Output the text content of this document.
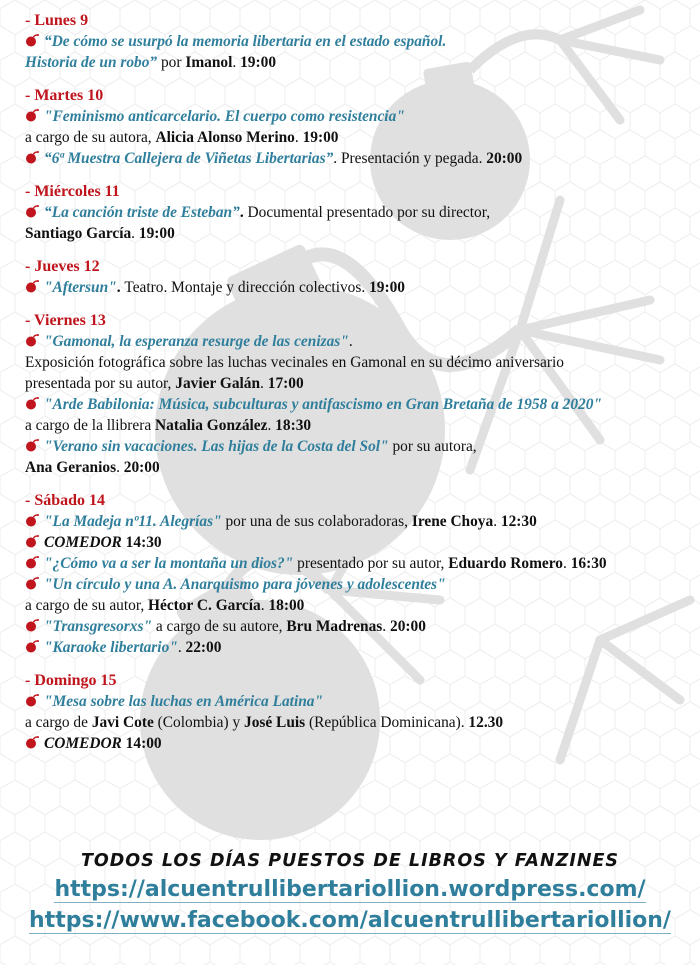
- Lunes 9
“De cómo se usurpó la memoria libertaria en el estado español.
Historia de un robo” por Imanol. 19:00
- Martes 10
"Feminismo anticarcelario. El cuerpo como resistencia"
a cargo de su autora, Alicia Alonso Merino. 19:00
“6ª Muestra Callejera de Viñetas Libertarias”. Presentación y pegada. 20:00
- Miércoles 11
“La canción triste de Esteban”. Documental presentado por su director,
Santiago García. 19:00
- Jueves 12
"Aftersun". Teatro. Montaje y dirección colectivos. 19:00
- Viernes 13
"Gamonal, la esperanza resurge de las cenizas".
Exposición fotográfica sobre las luchas vecinales en Gamonal en su décimo aniversario
presentada por su autor, Javier Galán. 17:00
"Arde Babilonia: Música, subculturas y antifascismo en Gran Bretaña de 1958 a 2020"
a cargo de la llibrera Natalia González. 18:30
"Verano sin vacaciones. Las hijas de la Costa del Sol" por su autora,
Ana Geranios. 20:00
- Sábado 14
"La Madeja nº11. Alegrías" por una de sus colaboradoras, Irene Choya. 12:30
COMEDOR 14:30
"¿Cómo va a ser la montaña un dios?" presentado por su autor, Eduardo Romero. 16:30
"Un círculo y una A. Anarquismo para jóvenes y adolescentes"
a cargo de su autor, Héctor C. García. 18:00
"Transgresorxs" a cargo de su autore, Bru Madrenas. 20:00
"Karaoke libertario". 22:00
- Domingo 15
"Mesa sobre las luchas en América Latina"
a cargo de Javi Cote (Colombia) y José Luis (República Dominicana). 12.30
COMEDOR 14:00
TODOS LOS DÍAS PUESTOS DE LIBROS Y FANZINES
https://alcuentrullibertariollion.wordpress.com/
https://www.facebook.com/alcuentrullibertariollion/
